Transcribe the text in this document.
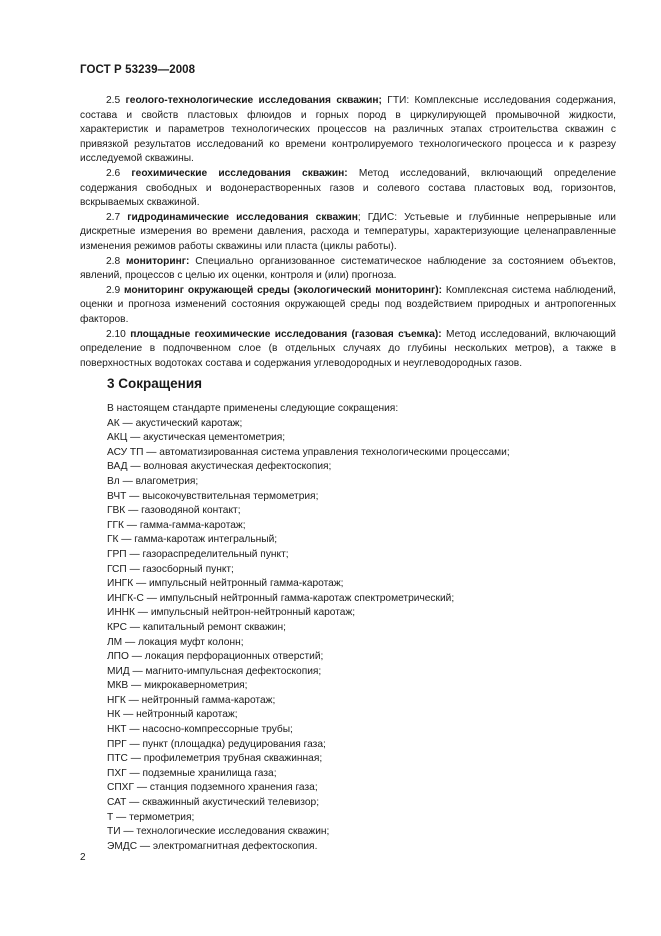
ГОСТ Р 53239—2008

2.5 геолого-технологические исследования скважин; ГТИ: Комплексные исследования содержания, состава и свойств пластовых флюидов и горных пород в циркулирующей промывочной жидкости, характеристик и параметров технологических процессов на различных этапах строительства скважин с привязкой результатов исследований ко времени контролируемого технологического процесса и к разрезу исследуемой скважины.

2.6 геохимические исследования скважин: Метод исследований, включающий определение содержания свободных и водонерастворенных газов и солевого состава пластовых вод, горизонтов, вскрываемых скважиной.

2.7 гидродинамические исследования скважин; ГДИС: Устьевые и глубинные непрерывные или дискретные измерения во времени давления, расхода и температуры, характеризующие целенаправленные изменения режимов работы скважины или пласта (циклы работы).

2.8 мониторинг: Специально организованное систематическое наблюдение за состоянием объектов, явлений, процессов с целью их оценки, контроля и (или) прогноза.

2.9 мониторинг окружающей среды (экологический мониторинг): Комплексная система наблюдений, оценки и прогноза изменений состояния окружающей среды под воздействием природных и антропогенных факторов.

2.10 площадные геохимические исследования (газовая съемка): Метод исследований, включающий определение в подпочвенном слое (в отдельных случаях до глубины нескольких метров), а также в поверхностных водотоках состава и содержания углеводородных и неуглеводородных газов.

3 Сокращения
В настоящем стандарте применены следующие сокращения:
АК — акустический каротаж;
АКЦ — акустическая цементометрия;
АСУ ТП — автоматизированная система управления технологическими процессами;
ВАД — волновая акустическая дефектоскопия;
Вл — влагометрия;
ВЧТ — высокочувствительная термометрия;
ГВК — газоводяной контакт;
ГГК — гамма-гамма-каротаж;
ГК — гамма-каротаж интегральный;
ГРП — газораспределительный пункт;
ГСП — газосборный пункт;
ИНГК — импульсный нейтронный гамма-каротаж;
ИНГК-С — импульсный нейтронный гамма-каротаж спектрометрический;
ИННК — импульсный нейтрон-нейтронный каротаж;
КРС — капитальный ремонт скважин;
ЛМ — локация муфт колонн;
ЛПО — локация перфорационных отверстий;
МИД — магнито-импульсная дефектоскопия;
МКВ — микрокавернометрия;
НГК — нейтронный гамма-каротаж;
НК — нейтронный каротаж;
НКТ — насосно-компрессорные трубы;
ПРГ — пункт (площадка) редуцирования газа;
ПТС — профилеметрия трубная скважинная;
ПХГ — подземные хранилища газа;
СПХГ — станция подземного хранения газа;
САТ — скважинный акустический телевизор;
Т — термометрия;
ТИ — технологические исследования скважин;
ЭМДС — электромагнитная дефектоскопия.
2
